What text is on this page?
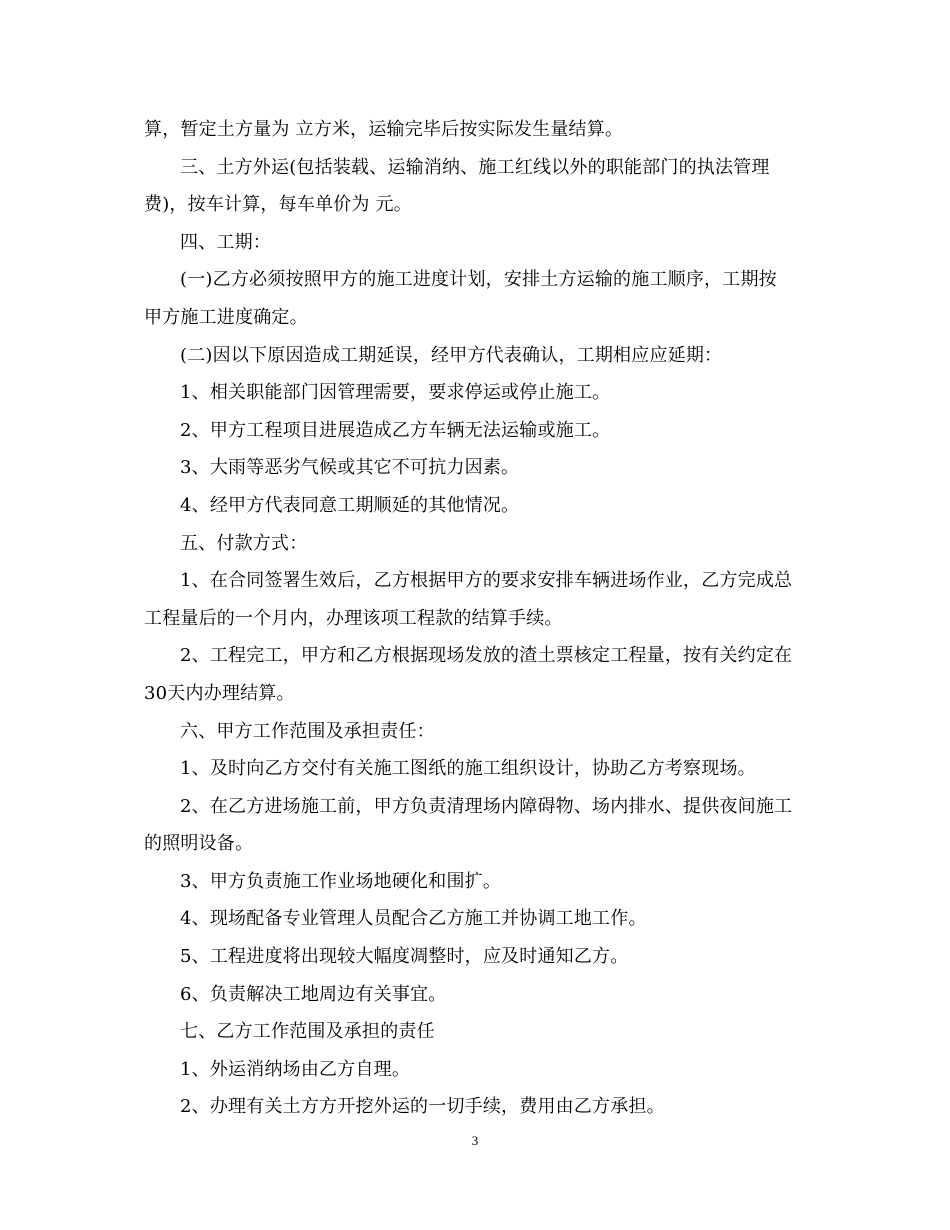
算，暂定土方量为 立方米，运输完毕后按实际发生量结算。
三、土方外运(包括装载、运输消纳、施工红线以外的职能部门的执法管理
费)，按车计算，每车单价为 元。
四、工期：
(一)乙方必须按照甲方的施工进度计划，安排土方运输的施工顺序，工期按
甲方施工进度确定。
(二)因以下原因造成工期延误，经甲方代表确认，工期相应应延期：
1、相关职能部门因管理需要，要求停运或停止施工。
2、甲方工程项目进展造成乙方车辆无法运输或施工。
3、大雨等恶劣气候或其它不可抗力因素。
4、经甲方代表同意工期顺延的其他情况。
五、付款方式：
1、在合同签署生效后，乙方根据甲方的要求安排车辆进场作业，乙方完成总
工程量后的一个月内，办理该项工程款的结算手续。
2、工程完工，甲方和乙方根据现场发放的渣土票核定工程量，按有关约定在
30天内办理结算。
六、甲方工作范围及承担责任：
1、及时向乙方交付有关施工图纸的施工组织设计，协助乙方考察现场。
2、在乙方进场施工前，甲方负责清理场内障碍物、场内排水、提供夜间施工
的照明设备。
3、甲方负责施工作业场地硬化和围扩。
4、现场配备专业管理人员配合乙方施工并协调工地工作。
5、工程进度将出现较大幅度凋整时，应及时通知乙方。
6、负责解决工地周边有关事宜。
七、乙方工作范围及承担的责任
1、外运消纳场由乙方自理。
2、办理有关土方方开挖外运的一切手续，费用由乙方承担。
3
